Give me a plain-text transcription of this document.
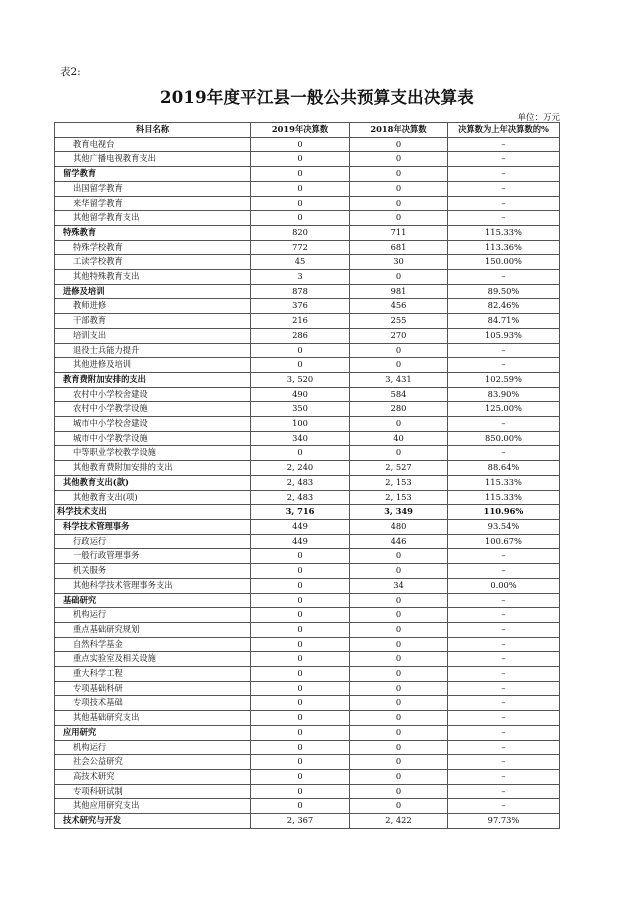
表2:
2019年度平江县一般公共预算支出决算表
单位：万元
科目名称	2019年决算数	2018年决算数	决算数为上年决算数的%
教育电视台	0	0	–
其他广播电视教育支出	0	0	–
留学教育	0	0	–
出国留学教育	0	0	–
来华留学教育	0	0	–
其他留学教育支出	0	0	–
特殊教育	820	711	115.33%
特殊学校教育	772	681	113.36%
工读学校教育	45	30	150.00%
其他特殊教育支出	3	0	–
进修及培训	878	981	89.50%
教师进修	376	456	82.46%
干部教育	216	255	84.71%
培训支出	286	270	105.93%
退役士兵能力提升	0	0	–
其他进修及培训	0	0	–
教育费附加安排的支出	3, 520	3, 431	102.59%
农村中小学校舍建设	490	584	83.90%
农村中小学教学设施	350	280	125.00%
城市中小学校舍建设	100	0	–
城市中小学教学设施	340	40	850.00%
中等职业学校教学设施	0	0	–
其他教育费附加安排的支出	2, 240	2, 527	88.64%
其他教育支出(款)	2, 483	2, 153	115.33%
其他教育支出(项)	2, 483	2, 153	115.33%
科学技术支出	3, 716	3, 349	110.96%
科学技术管理事务	449	480	93.54%
行政运行	449	446	100.67%
一般行政管理事务	0	0	–
机关服务	0	0	–
其他科学技术管理事务支出	0	34	0.00%
基础研究	0	0	–
机构运行	0	0	–
重点基础研究规划	0	0	–
自然科学基金	0	0	–
重点实验室及相关设施	0	0	–
重大科学工程	0	0	–
专项基础科研	0	0	–
专项技术基础	0	0	–
其他基础研究支出	0	0	–
应用研究	0	0	–
机构运行	0	0	–
社会公益研究	0	0	–
高技术研究	0	0	–
专项科研试制	0	0	–
其他应用研究支出	0	0	–
技术研究与开发	2, 367	2, 422	97.73%
